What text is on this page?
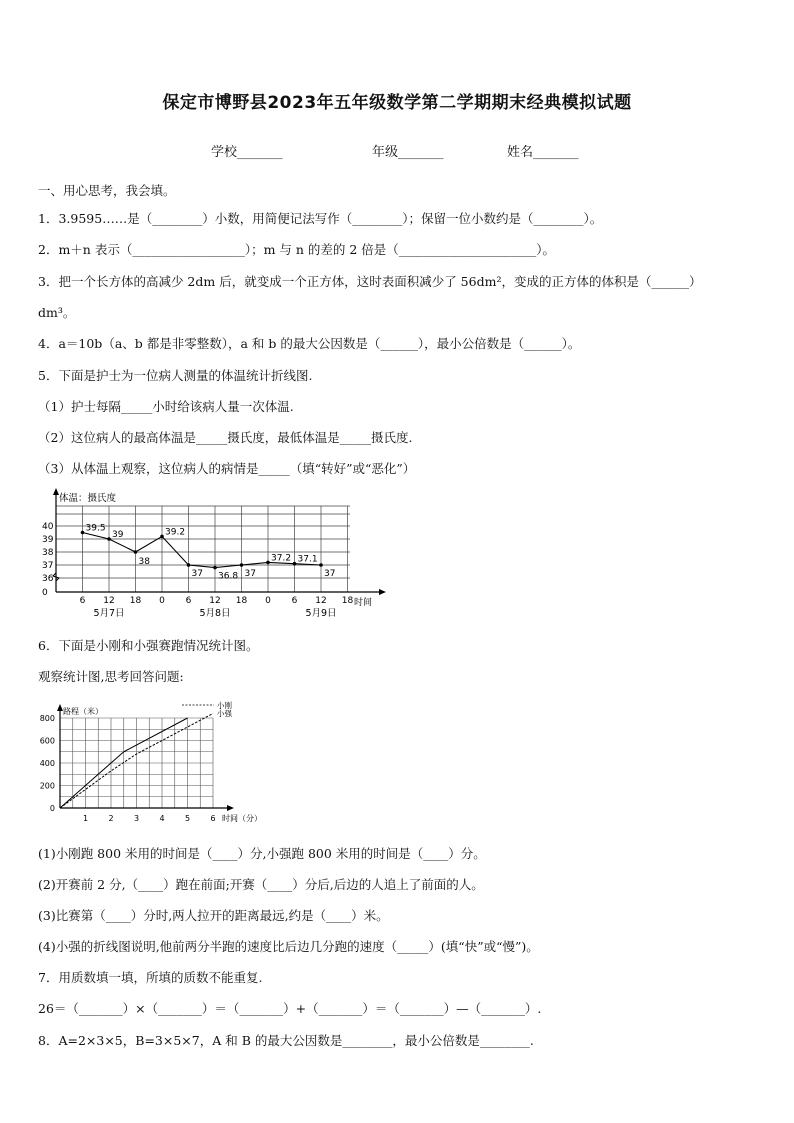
保定市博野县2023年五年级数学第二学期期末经典模拟试题
学校_______	年级_______	姓名_______
一、用心思考，我会填。
1．3.9595……是（________）小数，用简便记法写作（________）；保留一位小数约是（________）。
2．m＋n 表示（__________________）；m 与 n 的差的 2 倍是（______________________）。
3．把一个长方体的高减少 2dm 后，就变成一个正方体，这时表面积减少了 56dm²，变成的正方体的体积是（______）
dm³。
4．a＝10b（a、b 都是非零整数），a 和 b 的最大公因数是（______），最小公倍数是（______）。
5．下面是护士为一位病人测量的体温统计折线图.
（1）护士每隔_____小时给该病人量一次体温.
（2）这位病人的最高体温是_____摄氏度，最低体温是_____摄氏度.
（3）从体温上观察，这位病人的病情是_____（填“转好”或“恶化”）
体温：摄氏度
时间
0
36
37
38
39
40
6 12 18 0 6 12 18 0 6 12 18
5月7日	5月8日	5月9日
39.5
39
38
39.2
37 36.8 37
37.2 37.1
37
6．下面是小刚和小强赛跑情况统计图。
观察统计图,思考回答问题:
路程（米）
时间（分）
小刚
小强
0
200
400
600
800
1	2	3	4	5	6
(1)小刚跑 800 米用的时间是（____）分,小强跑 800 米用的时间是（____）分。
(2)开赛前 2 分,（____）跑在前面;开赛（____）分后,后边的人追上了前面的人。
(3)比赛第（____）分时,两人拉开的距离最远,约是（____）米。
(4)小强的折线图说明,他前两分半跑的速度比后边几分跑的速度（_____）(填“快”或“慢”)。
7．用质数填一填，所填的质数不能重复.
26＝（_______）×（_______）＝（_______）+（_______）＝（_______）—（_______）.
8．A=2×3×5，B=3×5×7，A 和 B 的最大公因数是________，最小公倍数是________.
